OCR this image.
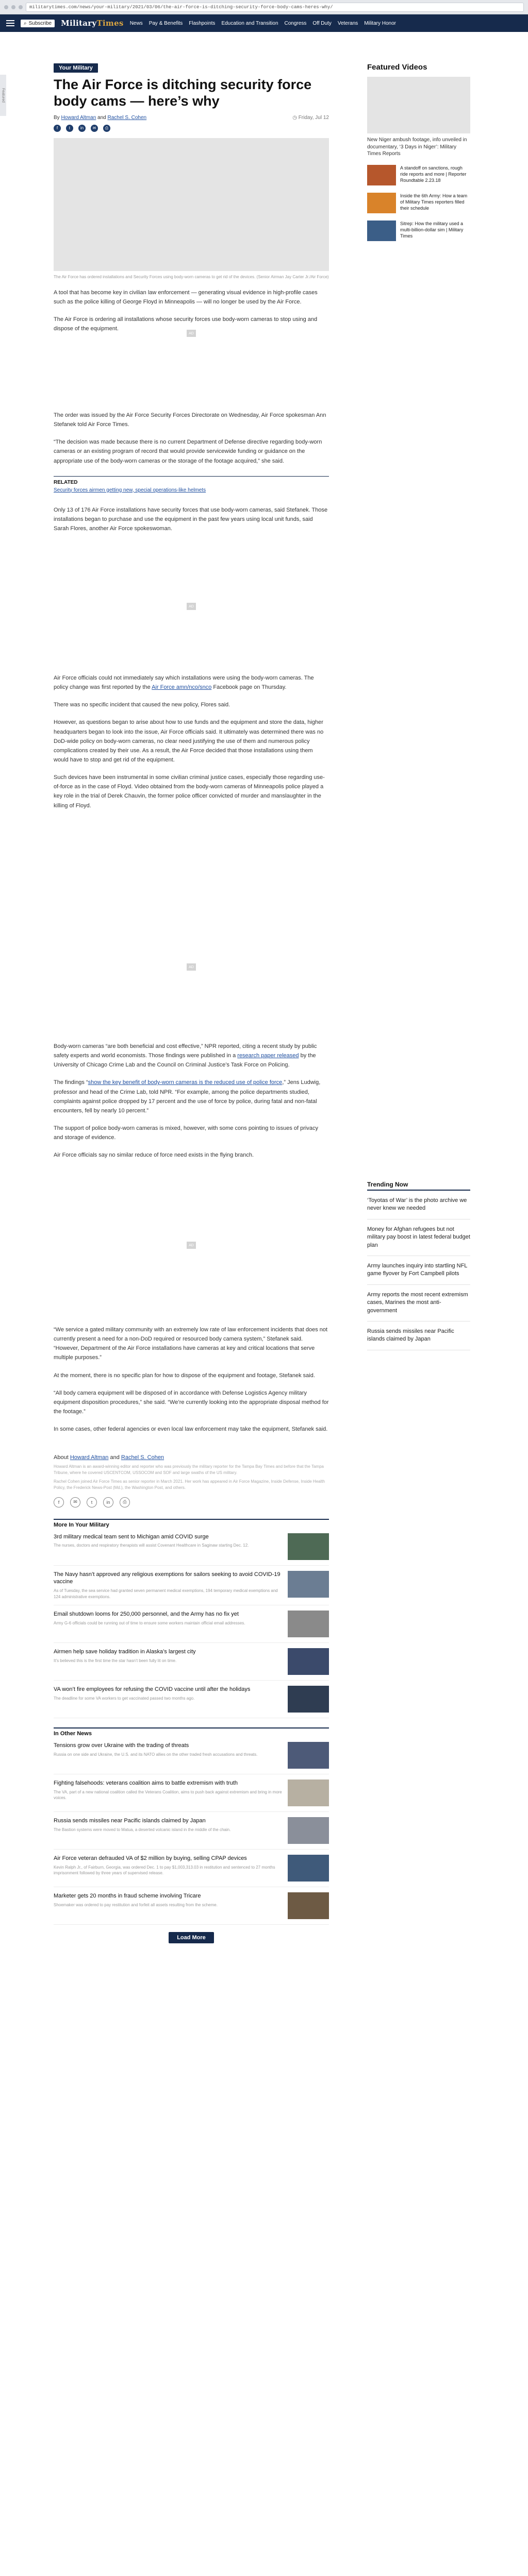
militarytimes.com/news/your-military/2021/03/06/the-air-force-is-ditching-security-force-body-cams-heres-why/
⌕ Subscribe MilitaryTimes News Pay & Benefits Flashpoints Education and Transition Congress Off Duty Veterans Military Honor
Featured
Your Military
The Air Force is ditching security force body cams — here’s why
By Howard Altman and Rachel S. Cohen	◷ Friday, Jul 12
f	t	in	✉	⎙
The Air Force has ordered installations and Security Forces using body-worn cameras to get rid of the devices. (Senior Airman Jay Carter Jr./Air Force)

A tool that has become key in civilian law enforcement — generating visual evidence in high-profile cases such as the police killing of George Floyd in Minneapolis — will no longer be used by the Air Force.

The Air Force is ordering all installations whose security forces use body-worn cameras to stop using and dispose of the equipment.

AD

The order was issued by the Air Force Security Forces Directorate on Wednesday, Air Force spokesman Ann Stefanek told Air Force Times.

“The decision was made because there is no current Department of Defense directive regarding body-worn cameras or an existing program of record that would provide servicewide funding or guidance on the appropriate use of the body-worn cameras or the storage of the footage acquired,” she said.

RELATED
Security forces airmen getting new, special operations-like helmets

Only 13 of 176 Air Force installations have security forces that use body-worn cameras, said Stefanek. Those installations began to purchase and use the equipment in the past few years using local unit funds, said Sarah Flores, another Air Force spokeswoman.

AD

Air Force officials could not immediately say which installations were using the body-worn cameras. The policy change was first reported by the Air Force amn/nco/snco Facebook page on Thursday.

There was no specific incident that caused the new policy, Flores said.

However, as questions began to arise about how to use funds and the equipment and store the data, higher headquarters began to look into the issue, Air Force officials said. It ultimately was determined there was no DoD-wide policy on body-worn cameras, no clear need justifying the use of them and numerous policy complications created by their use. As a result, the Air Force decided that those installations using them would have to stop and get rid of the equipment.

Such devices have been instrumental in some civilian criminal justice cases, especially those regarding use-of-force as in the case of Floyd. Video obtained from the body-worn cameras of Minneapolis police played a key role in the trial of Derek Chauvin, the former police officer convicted of murder and manslaughter in the killing of Floyd.

AD

Body-worn cameras “are both beneficial and cost effective,” NPR reported, citing a recent study by public safety experts and world economists. Those findings were published in a research paper released by the University of Chicago Crime Lab and the Council on Criminal Justice’s Task Force on Policing.

The findings “show the key benefit of body-worn cameras is the reduced use of police force,” Jens Ludwig, professor and head of the Crime Lab, told NPR. “For example, among the police departments studied, complaints against police dropped by 17 percent and the use of force by police, during fatal and non-fatal encounters, fell by nearly 10 percent.”

The support of police body-worn cameras is mixed, however, with some cons pointing to issues of privacy and storage of evidence.

Air Force officials say no similar reduce of force need exists in the flying branch.

AD

“We service a gated military community with an extremely low rate of law enforcement incidents that does not currently present a need for a non-DoD required or resourced body camera system,” Stefanek said. “However, Department of the Air Force installations have cameras at key and critical locations that serve multiple purposes.”

At the moment, there is no specific plan for how to dispose of the equipment and footage, Stefanek said.

“All body camera equipment will be disposed of in accordance with Defense Logistics Agency military equipment disposition procedures,” she said. “We’re currently looking into the appropriate disposal method for the footage.”

In some cases, other federal agencies or even local law enforcement may take the equipment, Stefanek said.

About Howard Altman and Rachel S. Cohen
Howard Altman is an award-winning editor and reporter who was previously the military reporter for the Tampa Bay Times and before that the Tampa Tribune, where he covered USCENTCOM, USSOCOM and SOF and large swaths of the US military.
Rachel Cohen joined Air Force Times as senior reporter in March 2021. Her work has appeared in Air Force Magazine, Inside Defense, Inside Health Policy, the Frederick News-Post (Md.), the Washington Post, and others.
f	✉	t	in	⎙
More In Your Military
3rd military medical team sent to Michigan amid COVID surge
The nurses, doctors and respiratory therapists will assist Covenant Healthcare in Saginaw starting Dec. 12.
The Navy hasn’t approved any religious exemptions for sailors seeking to avoid COVID-19 vaccine
As of Tuesday, the sea service had granted seven permanent medical exemptions, 194 temporary medical exemptions and 124 administrative exemptions.
Email shutdown looms for 250,000 personnel, and the Army has no fix yet
Army G-6 officials could be running out of time to ensure some workers maintain official email addresses.
Airmen help save holiday tradition in Alaska’s largest city
It’s believed this is the first time the star hasn’t been fully lit on time.
VA won’t fire employees for refusing the COVID vaccine until after the holidays
The deadline for some VA workers to get vaccinated passed two months ago.
In Other News
Tensions grow over Ukraine with the trading of threats
Russia on one side and Ukraine, the U.S. and its NATO allies on the other traded fresh accusations and threats.
Fighting falsehoods: veterans coalition aims to battle extremism with truth
The VA, part of a new national coalition called the Veterans Coalition, aims to push back against extremism and bring in more voices.
Russia sends missiles near Pacific islands claimed by Japan
The Bastion systems were moved to Matua, a deserted volcanic island in the middle of the chain.
Air Force veteran defrauded VA of $2 million by buying, selling CPAP devices
Kevin Ralph Jr., of Fairburn, Georgia, was ordered Dec. 1 to pay $1,003,313.03 in restitution and sentenced to 27 months imprisonment followed by three years of supervised release.
Marketer gets 20 months in fraud scheme involving Tricare
Shoemaker was ordered to pay restitution and forfeit all assets resulting from the scheme.
Load More
Featured Videos
New Niger ambush footage, info unveiled in documentary, ‘3 Days in Niger’: Military Times Reports
A standoff on sanctions, rough ride reports and more | Reporter Roundtable 2.23.18
Inside the 6th Army: How a team of Military Times reporters filled their schedule
Sitrep: How the military used a multi-billion-dollar sim | Military Times
Trending Now
‘Toyotas of War’ is the photo archive we never knew we needed
Money for Afghan refugees but not military pay boost in latest federal budget plan
Army launches inquiry into startling NFL game flyover by Fort Campbell pilots
Army reports the most recent extremism cases, Marines the most anti-government
Russia sends missiles near Pacific islands claimed by Japan
